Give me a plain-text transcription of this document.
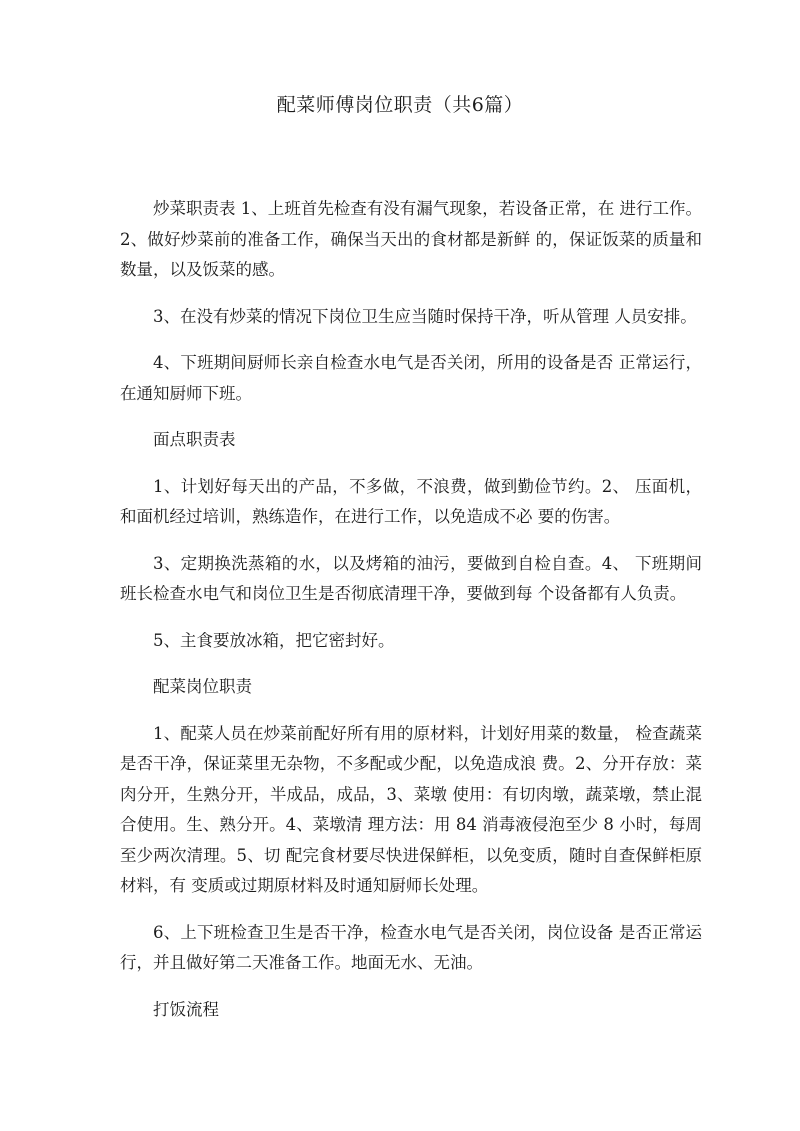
配菜师傅岗位职责（共6篇）

炒菜职责表 1、上班首先检查有没有漏气现象，若设备正常，在 进行工作。2、做好炒菜前的准备工作，确保当天出的食材都是新鲜 的，保证饭菜的质量和数量，以及饭菜的感。

3、在没有炒菜的情况下岗位卫生应当随时保持干净，听从管理 人员安排。

4、下班期间厨师长亲自检查水电气是否关闭，所用的设备是否 正常运行，在通知厨师下班。

面点职责表

1、计划好每天出的产品，不多做，不浪费，做到勤俭节约。2、 压面机，和面机经过培训，熟练造作，在进行工作，以免造成不必 要的伤害。

3、定期换洗蒸箱的水，以及烤箱的油污，要做到自检自查。4、 下班期间班长检查水电气和岗位卫生是否彻底清理干净，要做到每 个设备都有人负责。

5、主食要放冰箱，把它密封好。

配菜岗位职责

1、配菜人员在炒菜前配好所有用的原材料，计划好用菜的数量， 检查蔬菜是否干净，保证菜里无杂物，不多配或少配，以免造成浪 费。2、分开存放：菜肉分开，生熟分开，半成品，成品，3、菜墩 使用：有切肉墩，蔬菜墩，禁止混合使用。生、熟分开。4、菜墩清 理方法：用 84 消毒液侵泡至少 8 小时，每周至少两次清理。5、切 配完食材要尽快进保鲜柜，以免变质，随时自查保鲜柜原材料，有 变质或过期原材料及时通知厨师长处理。

6、上下班检查卫生是否干净，检查水电气是否关闭，岗位设备 是否正常运行，并且做好第二天准备工作。地面无水、无油。

打饭流程
